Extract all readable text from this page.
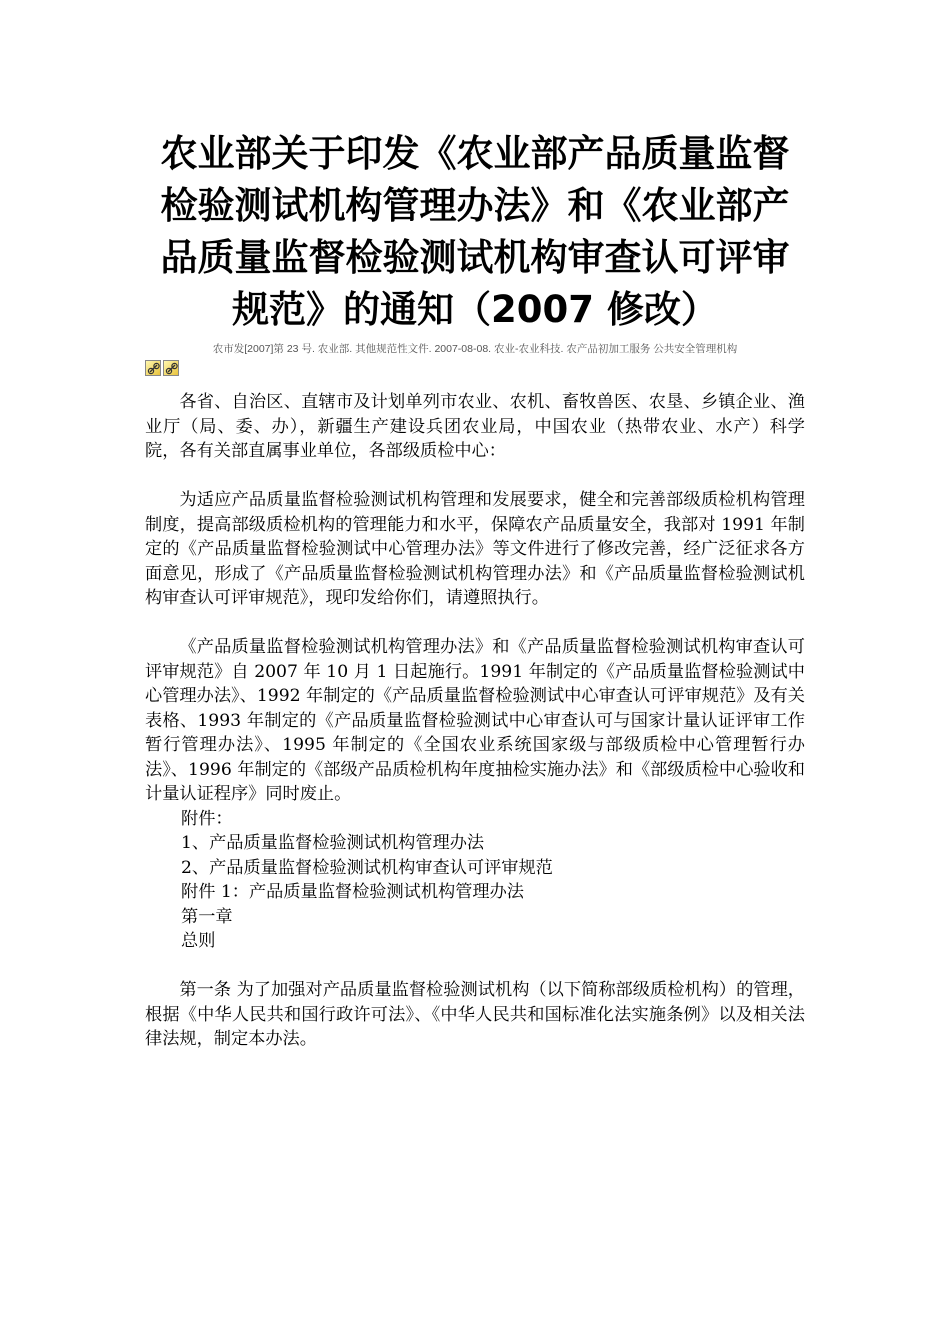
农业部关于印发《农业部产品质量监督
检验测试机构管理办法》和《农业部产
品质量监督检验测试机构审查认可评审
规范》的通知（2007 修改）
农市发[2007]第 23 号. 农业部. 其他规范性文件. 2007-08-08. 农业-农业科技. 农产品初加工服务 公共安全管理机构

各省、自治区、直辖市及计划单列市农业、农机、畜牧兽医、农垦、乡镇企业、渔业厅（局、委、办），新疆生产建设兵团农业局，中国农业（热带农业、水产）科学院，各有关部直属事业单位，各部级质检中心：

为适应产品质量监督检验测试机构管理和发展要求，健全和完善部级质检机构管理制度，提高部级质检机构的管理能力和水平，保障农产品质量安全，我部对 1991 年制定的《产品质量监督检验测试中心管理办法》等文件进行了修改完善，经广泛征求各方面意见，形成了《产品质量监督检验测试机构管理办法》和《产品质量监督检验测试机构审查认可评审规范》，现印发给你们，请遵照执行。

《产品质量监督检验测试机构管理办法》和《产品质量监督检验测试机构审查认可评审规范》自 2007 年 10 月 1 日起施行。1991 年制定的《产品质量监督检验测试中心管理办法》、1992 年制定的《产品质量监督检验测试中心审查认可评审规范》及有关表格、1993 年制定的《产品质量监督检验测试中心审查认可与国家计量认证评审工作暂行管理办法》、1995 年制定的《全国农业系统国家级与部级质检中心管理暂行办法》、1996 年制定的《部级产品质检机构年度抽检实施办法》和《部级质检中心验收和计量认证程序》同时废止。

附件：

1、产品质量监督检验测试机构管理办法

2、产品质量监督检验测试机构审查认可评审规范

附件 1：产品质量监督检验测试机构管理办法

第一章

总则

第一条 为了加强对产品质量监督检验测试机构（以下简称部级质检机构）的管理，根据《中华人民共和国行政许可法》、《中华人民共和国标准化法实施条例》以及相关法律法规，制定本办法。
